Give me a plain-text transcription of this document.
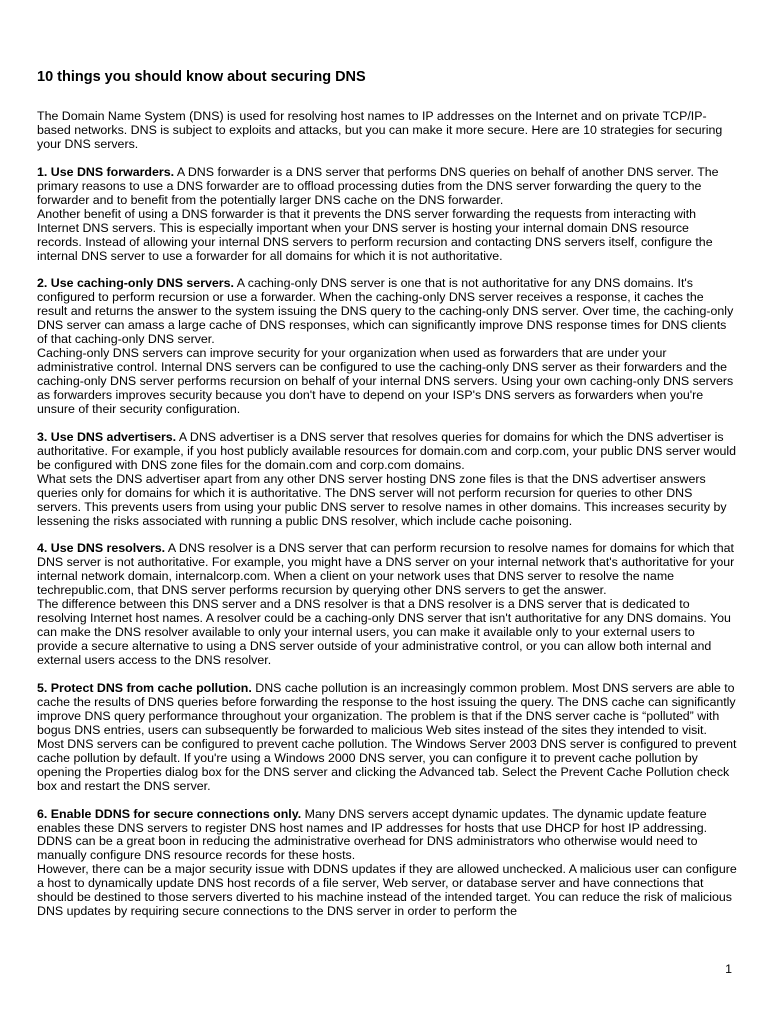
10 things you should know about securing DNS

The Domain Name System (DNS) is used for resolving host names to IP addresses on the Internet and on private TCP/IP-based networks. DNS is subject to exploits and attacks, but you can make it more secure. Here are 10 strategies for securing your DNS servers.

1. Use DNS forwarders. A DNS forwarder is a DNS server that performs DNS queries on behalf of another DNS server. The primary reasons to use a DNS forwarder are to offload processing duties from the DNS server forwarding the query to the forwarder and to benefit from the potentially larger DNS cache on the DNS forwarder.

Another benefit of using a DNS forwarder is that it prevents the DNS server forwarding the requests from interacting with Internet DNS servers. This is especially important when your DNS server is hosting your internal domain DNS resource records. Instead of allowing your internal DNS servers to perform recursion and contacting DNS servers itself, configure the internal DNS server to use a forwarder for all domains for which it is not authoritative.

2. Use caching-only DNS servers. A caching-only DNS server is one that is not authoritative for any DNS domains. It's configured to perform recursion or use a forwarder. When the caching-only DNS server receives a response, it caches the result and returns the answer to the system issuing the DNS query to the caching-only DNS server. Over time, the caching-only DNS server can amass a large cache of DNS responses, which can significantly improve DNS response times for DNS clients of that caching-only DNS server.

Caching-only DNS servers can improve security for your organization when used as forwarders that are under your administrative control. Internal DNS servers can be configured to use the caching-only DNS server as their forwarders and the caching-only DNS server performs recursion on behalf of your internal DNS servers. Using your own caching-only DNS servers as forwarders improves security because you don't have to depend on your ISP's DNS servers as forwarders when you're unsure of their security configuration.

3. Use DNS advertisers. A DNS advertiser is a DNS server that resolves queries for domains for which the DNS advertiser is authoritative. For example, if you host publicly available resources for domain.com and corp.com, your public DNS server would be configured with DNS zone files for the domain.com and corp.com domains.

What sets the DNS advertiser apart from any other DNS server hosting DNS zone files is that the DNS advertiser answers queries only for domains for which it is authoritative. The DNS server will not perform recursion for queries to other DNS servers. This prevents users from using your public DNS server to resolve names in other domains. This increases security by lessening the risks associated with running a public DNS resolver, which include cache poisoning.

4. Use DNS resolvers. A DNS resolver is a DNS server that can perform recursion to resolve names for domains for which that DNS server is not authoritative. For example, you might have a DNS server on your internal network that's authoritative for your internal network domain, internalcorp.com. When a client on your network uses that DNS server to resolve the name techrepublic.com, that DNS server performs recursion by querying other DNS servers to get the answer.

The difference between this DNS server and a DNS resolver is that a DNS resolver is a DNS server that is dedicated to resolving Internet host names. A resolver could be a caching-only DNS server that isn't authoritative for any DNS domains. You can make the DNS resolver available to only your internal users, you can make it available only to your external users to provide a secure alternative to using a DNS server outside of your administrative control, or you can allow both internal and external users access to the DNS resolver.

5. Protect DNS from cache pollution. DNS cache pollution is an increasingly common problem. Most DNS servers are able to cache the results of DNS queries before forwarding the response to the host issuing the query. The DNS cache can significantly improve DNS query performance throughout your organization. The problem is that if the DNS server cache is “polluted” with bogus DNS entries, users can subsequently be forwarded to malicious Web sites instead of the sites they intended to visit.

Most DNS servers can be configured to prevent cache pollution. The Windows Server 2003 DNS server is configured to prevent cache pollution by default. If you're using a Windows 2000 DNS server, you can configure it to prevent cache pollution by opening the Properties dialog box for the DNS server and clicking the Advanced tab. Select the Prevent Cache Pollution check box and restart the DNS server.

6. Enable DDNS for secure connections only. Many DNS servers accept dynamic updates. The dynamic update feature enables these DNS servers to register DNS host names and IP addresses for hosts that use DHCP for host IP addressing. DDNS can be a great boon in reducing the administrative overhead for DNS administrators who otherwise would need to manually configure DNS resource records for these hosts.

However, there can be a major security issue with DDNS updates if they are allowed unchecked. A malicious user can configure a host to dynamically update DNS host records of a file server, Web server, or database server and have connections that should be destined to those servers diverted to his machine instead of the intended target. You can reduce the risk of malicious DNS updates by requiring secure connections to the DNS server in order to perform the

1
